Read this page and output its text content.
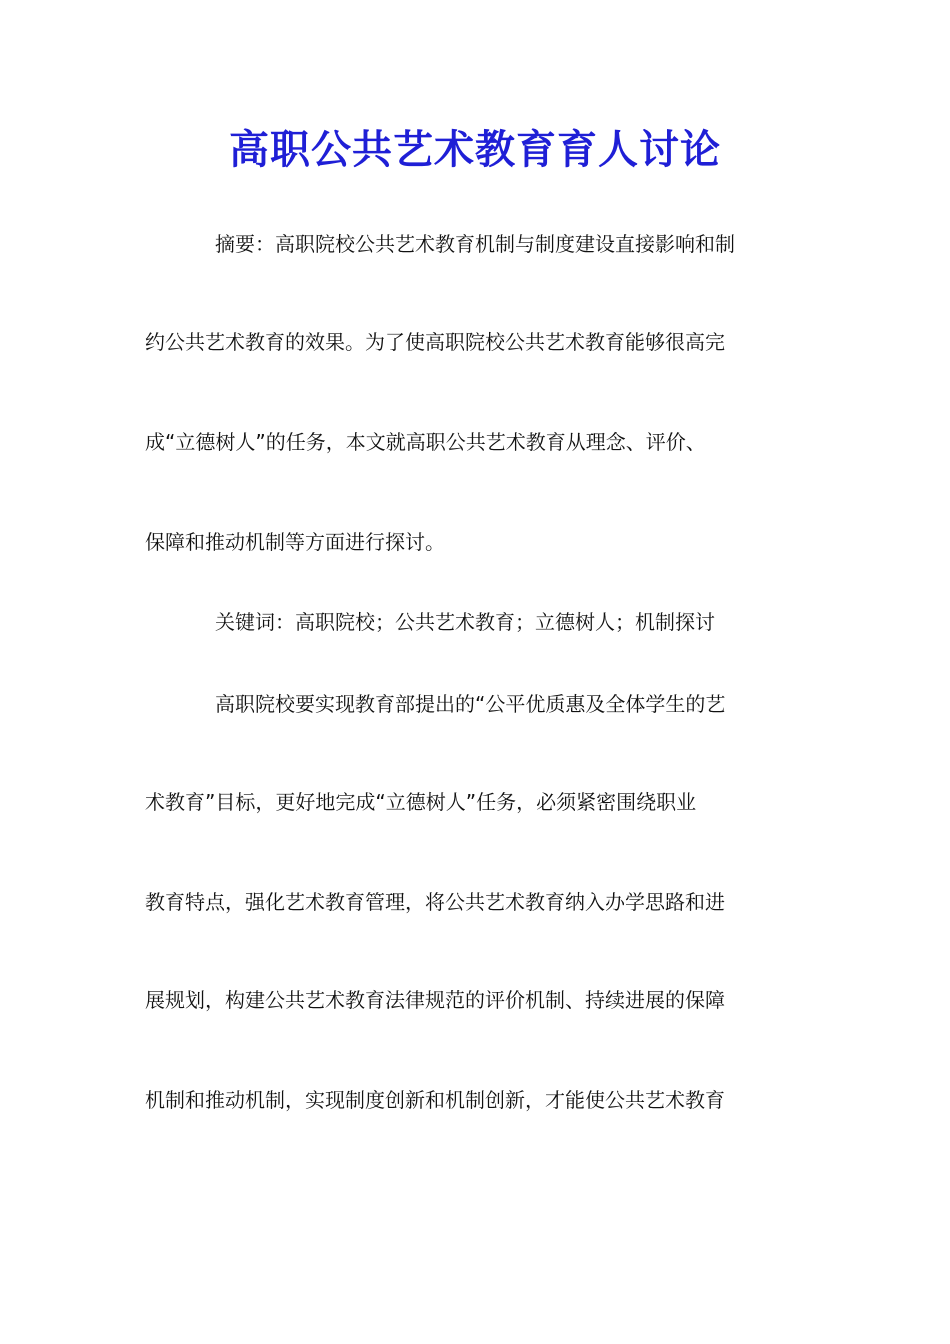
高职公共艺术教育育人讨论
摘要：高职院校公共艺术教育机制与制度建设直接影响和制
约公共艺术教育的效果。为了使高职院校公共艺术教育能够很高完
成“立德树人”的任务，本文就高职公共艺术教育从理念、评价、
保障和推动机制等方面进行探讨。
关键词：高职院校；公共艺术教育；立德树人；机制探讨
高职院校要实现教育部提出的“公平优质惠及全体学生的艺
术教育”目标，更好地完成“立德树人”任务，必须紧密围绕职业
教育特点，强化艺术教育管理，将公共艺术教育纳入办学思路和进
展规划，构建公共艺术教育法律规范的评价机制、持续进展的保障
机制和推动机制，实现制度创新和机制创新，才能使公共艺术教育
